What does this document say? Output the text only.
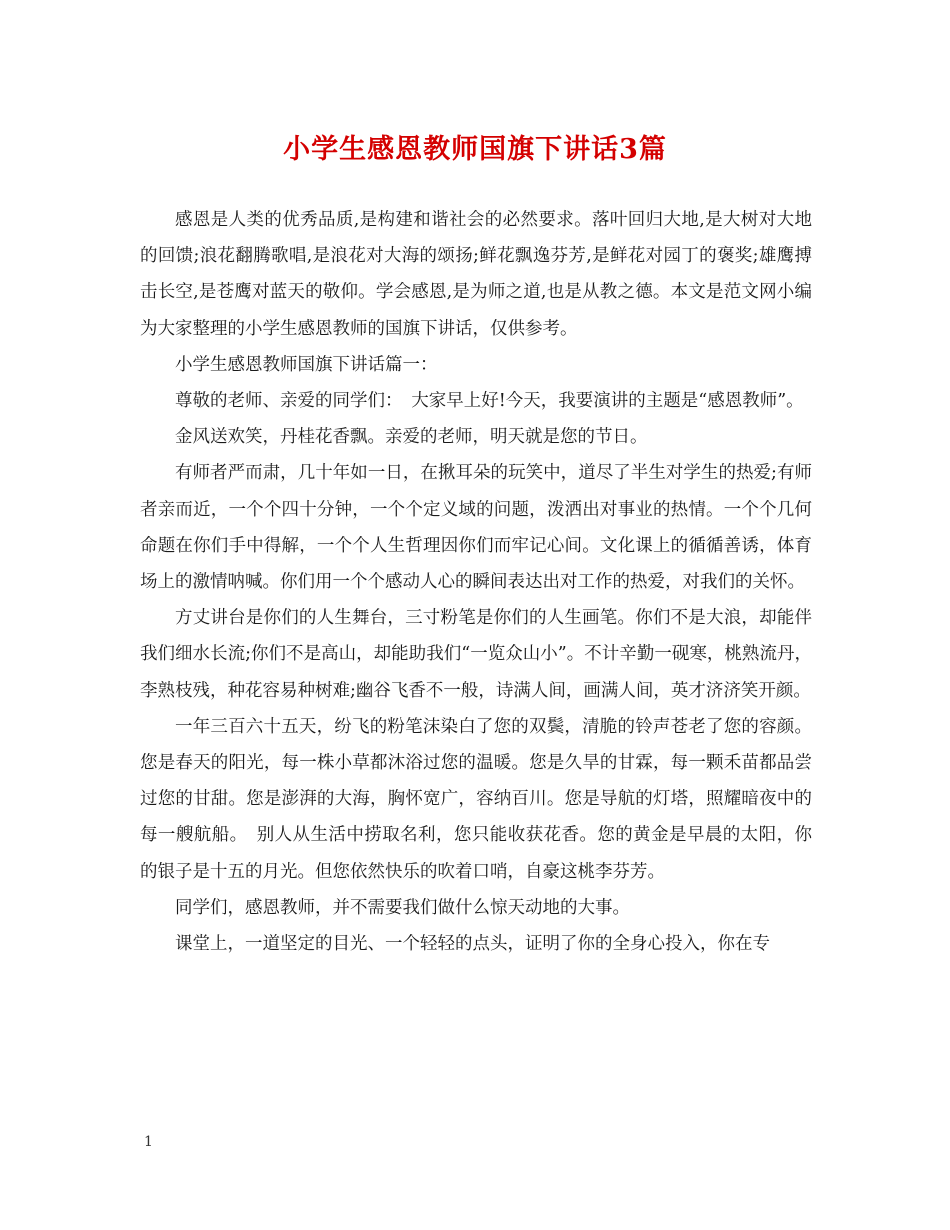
小学生感恩教师国旗下讲话3篇

感恩是人类的优秀品质,是构建和谐社会的必然要求。落叶回归大地,是大树对大地的回馈;浪花翻腾歌唱,是浪花对大海的颂扬;鲜花飘逸芬芳,是鲜花对园丁的褒奖;雄鹰搏击长空,是苍鹰对蓝天的敬仰。学会感恩,是为师之道,也是从教之德。本文是范文网小编为大家整理的小学生感恩教师的国旗下讲话，仅供参考。

小学生感恩教师国旗下讲话篇一：

尊敬的老师、亲爱的同学们：　大家早上好!今天，我要演讲的主题是“感恩教师”。

金风送欢笑，丹桂花香飘。亲爱的老师，明天就是您的节日。

有师者严而肃，几十年如一日，在揪耳朵的玩笑中，道尽了半生对学生的热爱;有师者亲而近，一个个四十分钟，一个个定义域的问题，泼洒出对事业的热情。一个个几何命题在你们手中得解，一个个人生哲理因你们而牢记心间。文化课上的循循善诱，体育场上的激情呐喊。你们用一个个感动人心的瞬间表达出对工作的热爱，对我们的关怀。

方丈讲台是你们的人生舞台，三寸粉笔是你们的人生画笔。你们不是大浪，却能伴我们细水长流;你们不是高山，却能助我们“一览众山小”。不计辛勤一砚寒，桃熟流丹，李熟枝残，种花容易种树难;幽谷飞香不一般，诗满人间，画满人间，英才济济笑开颜。

一年三百六十五天，纷飞的粉笔沫染白了您的双鬓，清脆的铃声苍老了您的容颜。您是春天的阳光，每一株小草都沐浴过您的温暖。您是久旱的甘霖，每一颗禾苗都品尝过您的甘甜。您是澎湃的大海，胸怀宽广，容纳百川。您是导航的灯塔，照耀暗夜中的每一艘航船。　别人从生活中捞取名利，您只能收获花香。您的黄金是早晨的太阳，你的银子是十五的月光。但您依然快乐的吹着口哨，自豪这桃李芬芳。

同学们，感恩教师，并不需要我们做什么惊天动地的大事。

课堂上，一道坚定的目光、一个轻轻的点头，证明了你的全身心投入，你在专

1
